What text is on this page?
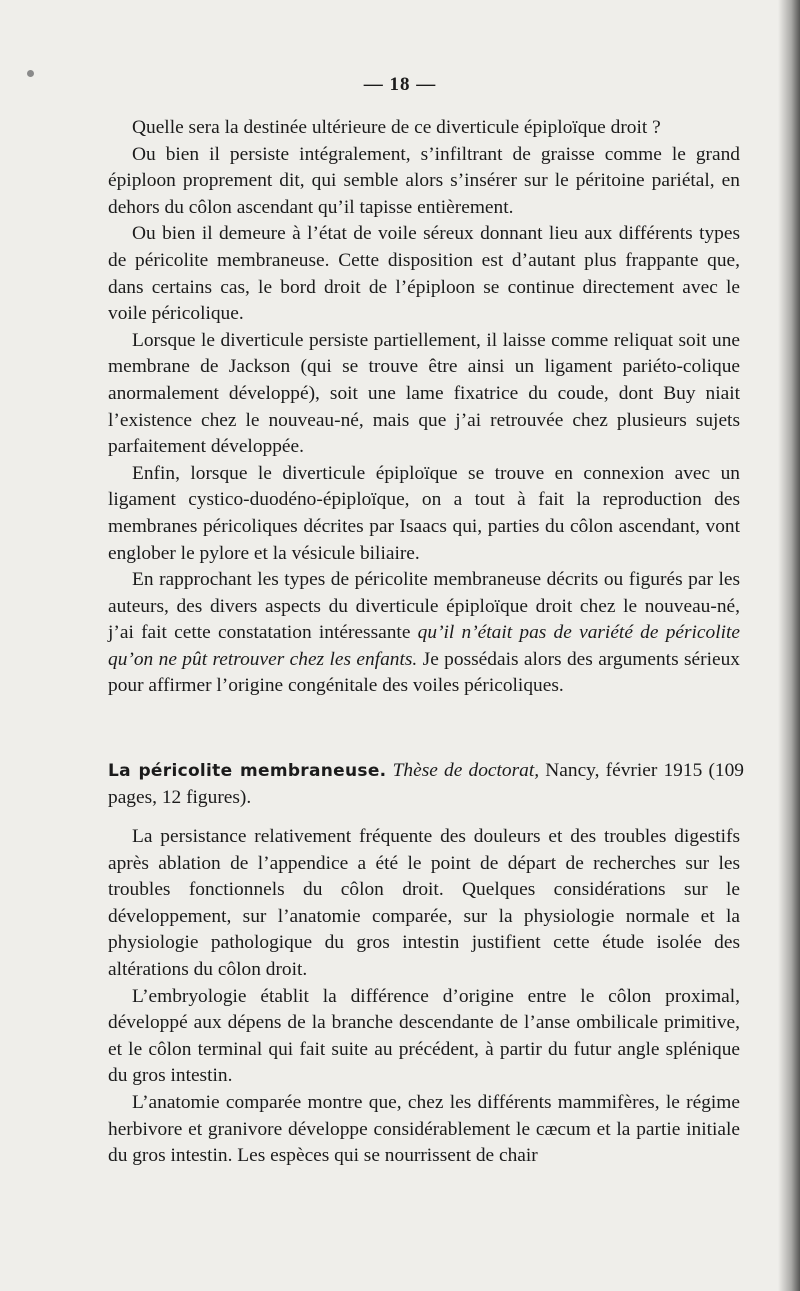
— 18 —

Quelle sera la destinée ultérieure de ce diverticule épiploïque droit ?

Ou bien il persiste intégralement, s’infiltrant de graisse comme le grand épiploon proprement dit, qui semble alors s’insérer sur le péritoine pariétal, en dehors du côlon ascendant qu’il tapisse entièrement.

Ou bien il demeure à l’état de voile séreux donnant lieu aux différents types de péricolite membraneuse. Cette disposition est d’autant plus frappante que, dans certains cas, le bord droit de l’épiploon se continue directement avec le voile péricolique.

Lorsque le diverticule persiste partiellement, il laisse comme reliquat soit une membrane de Jackson (qui se trouve être ainsi un ligament pariéto-colique anormalement développé), soit une lame fixatrice du coude, dont Buy niait l’existence chez le nouveau-né, mais que j’ai retrouvée chez plusieurs sujets parfaitement développée.

Enfin, lorsque le diverticule épiploïque se trouve en connexion avec un ligament cystico-duodéno-épiploïque, on a tout à fait la reproduction des membranes péricoliques décrites par Isaacs qui, parties du côlon ascendant, vont englober le pylore et la vésicule biliaire.

En rapprochant les types de péricolite membraneuse décrits ou figurés par les auteurs, des divers aspects du diverticule épiploïque droit chez le nouveau-né, j’ai fait cette constatation intéressante qu’il n’était pas de variété de péricolite qu’on ne pût retrouver chez les enfants. Je possédais alors des arguments sérieux pour affirmer l’origine congénitale des voiles péricoliques.

La péricolite membraneuse. Thèse de doctorat, Nancy, février 1915 (109 pages, 12 figures).

La persistance relativement fréquente des douleurs et des troubles digestifs après ablation de l’appendice a été le point de départ de recherches sur les troubles fonctionnels du côlon droit. Quelques considérations sur le développement, sur l’anatomie comparée, sur la physiologie normale et la physiologie pathologique du gros intestin justifient cette étude isolée des altérations du côlon droit.

L’embryologie établit la différence d’origine entre le côlon proximal, développé aux dépens de la branche descendante de l’anse ombilicale primitive, et le côlon terminal qui fait suite au précédent, à partir du futur angle splénique du gros intestin.

L’anatomie comparée montre que, chez les différents mammifères, le régime herbivore et granivore développe considérablement le cæcum et la partie initiale du gros intestin. Les espèces qui se nourrissent de chair
